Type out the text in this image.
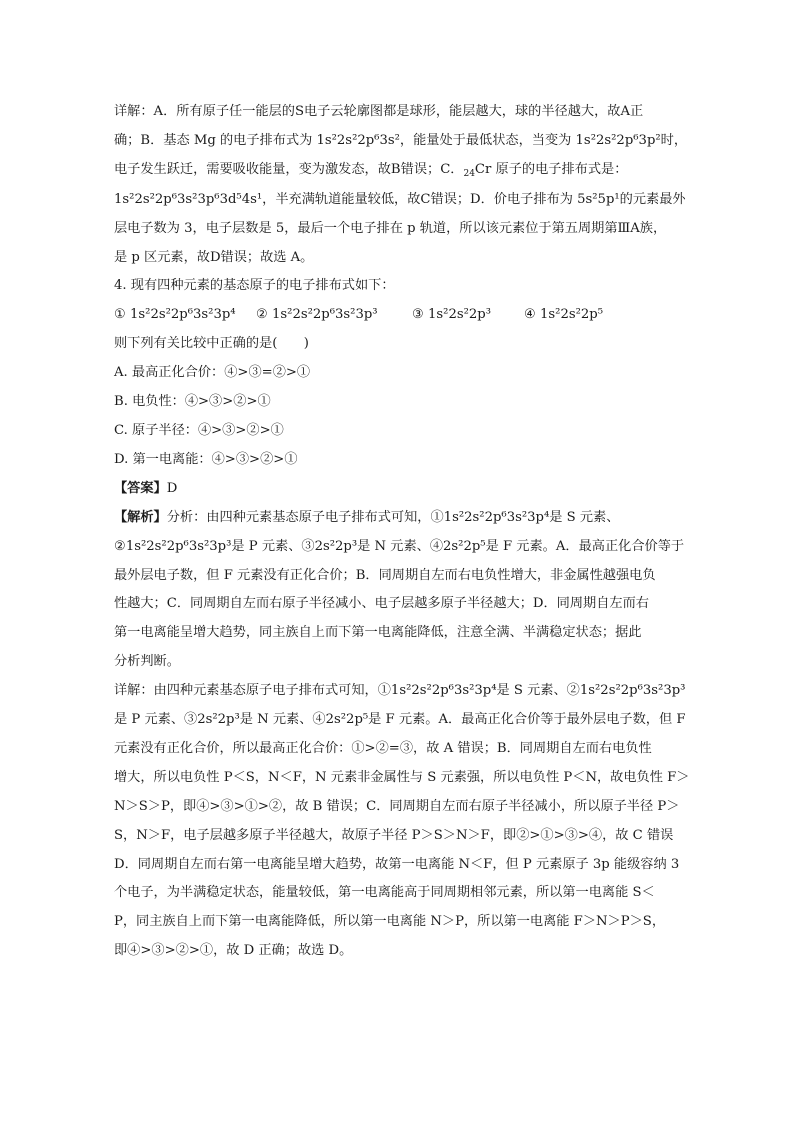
详解：A．所有原子任一能层的S电子云轮廓图都是球形，能层越大，球的半径越大，故A正

确；B．基态 Mg 的电子排布式为 1s²2s²2p⁶3s²，能量处于最低状态，当变为 1s²2s²2p⁶3p²时，

电子发生跃迁，需要吸收能量，变为激发态，故B错误；C．$_{24}$Cr 原子的电子排布式是：

1s²2s²2p⁶3s²3p⁶3d⁵4s¹，半充满轨道能量较低，故C错误；D．价电子排布为 5s²5p¹的元素最外

层电子数为 3，电子层数是 5，最后一个电子排在 p 轨道，所以该元素位于第五周期第ⅢA族，

是 p 区元素，故D错误；故选 A。

4. 现有四种元素的基态原子的电子排布式如下：

① 1s²2s²2p⁶3s²3p⁴ ② 1s²2s²2p⁶3s²3p³	③ 1s²2s²2p³ ④ 1s²2s²2p⁵

则下列有关比较中正确的是(　　)

A. 最高正化合价：④>③=②>①

B. 电负性：④>③>②>①

C. 原子半径：④>③>②>①

D. 第一电离能：④>③>②>①

【答案】D

【解析】分析：由四种元素基态原子电子排布式可知，①1s²2s²2p⁶3s²3p⁴是 S 元素、

②1s²2s²2p⁶3s²3p³是 P 元素、③2s²2p³是 N 元素、④2s²2p⁵是 F 元素。A．最高正化合价等于

最外层电子数，但 F 元素没有正化合价；B．同周期自左而右电负性增大，非金属性越强电负

性越大；C．同周期自左而右原子半径减小、电子层越多原子半径越大；D．同周期自左而右

第一电离能呈增大趋势，同主族自上而下第一电离能降低，注意全满、半满稳定状态；据此

分析判断。

详解：由四种元素基态原子电子排布式可知，①1s²2s²2p⁶3s²3p⁴是 S 元素、②1s²2s²2p⁶3s²3p³

是 P 元素、③2s²2p³是 N 元素、④2s²2p⁵是 F 元素。A．最高正化合价等于最外层电子数，但 F

元素没有正化合价，所以最高正化合价：①>②=③，故 A 错误；B．同周期自左而右电负性

增大，所以电负性 P＜S，N＜F，N 元素非金属性与 S 元素强，所以电负性 P＜N，故电负性 F＞

N＞S＞P，即④>③>①>②，故 B 错误；C．同周期自左而右原子半径减小，所以原子半径 P＞

S，N＞F，电子层越多原子半径越大，故原子半径 P＞S＞N＞F，即②>①>③>④，故 C 错误

D．同周期自左而右第一电离能呈增大趋势，故第一电离能 N＜F，但 P 元素原子 3p 能级容纳 3

个电子，为半满稳定状态，能量较低，第一电离能高于同周期相邻元素，所以第一电离能 S＜

P，同主族自上而下第一电离能降低，所以第一电离能 N＞P，所以第一电离能 F＞N＞P＞S，

即④>③>②>①，故 D 正确；故选 D。
